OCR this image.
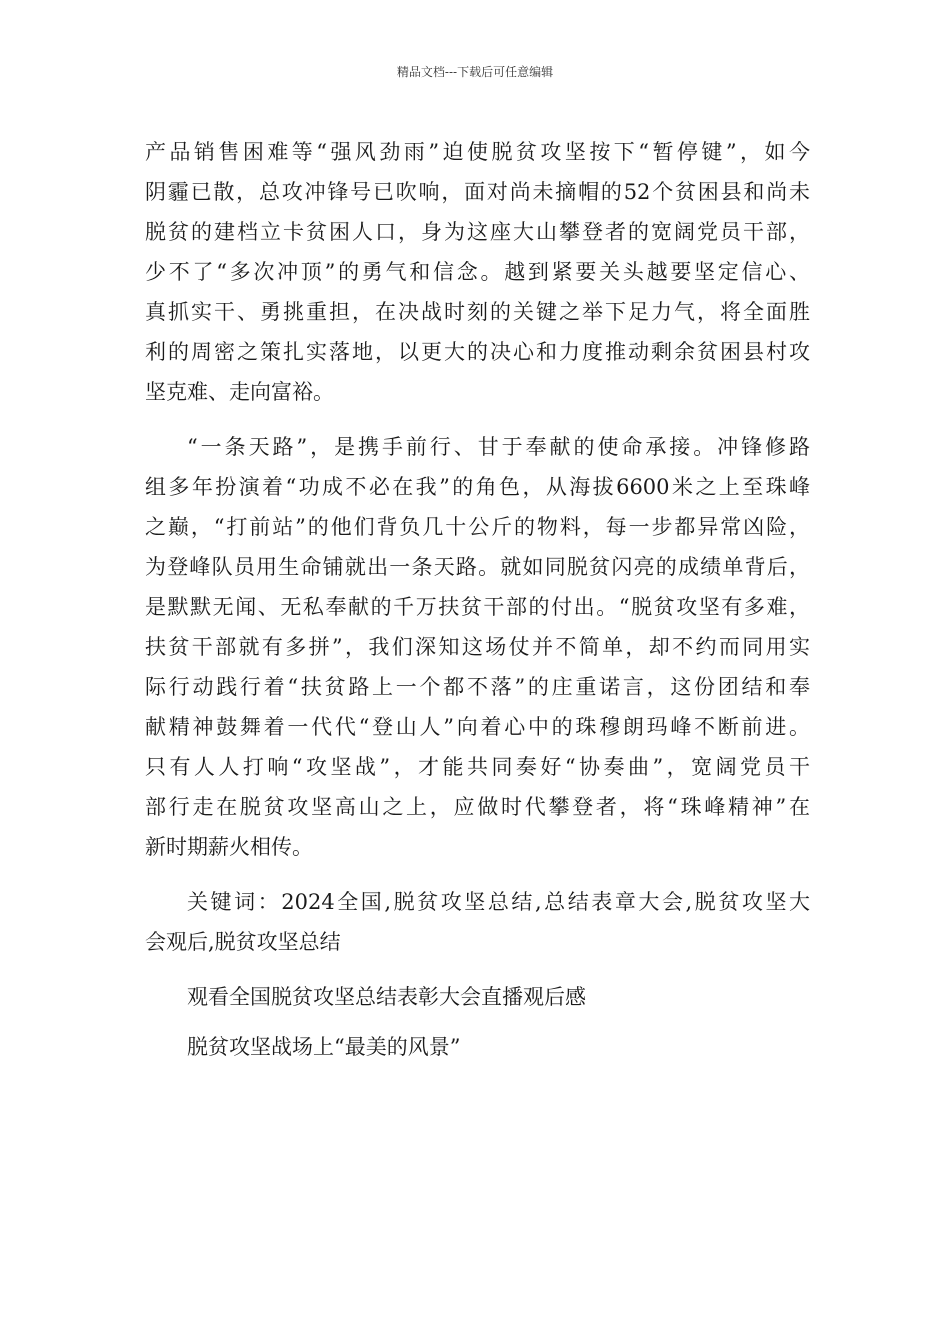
精品文档---下载后可任意编辑
产品销售困难等“强风劲雨”迫使脱贫攻坚按下“暂停键”，如今
阴霾已散，总攻冲锋号已吹响，面对尚未摘帽的52个贫困县和尚未
脱贫的建档立卡贫困人口，身为这座大山攀登者的宽阔党员干部，
少不了“多次冲顶”的勇气和信念。越到紧要关头越要坚定信心、
真抓实干、勇挑重担，在决战时刻的关键之举下足力气，将全面胜
利的周密之策扎实落地，以更大的决心和力度推动剩余贫困县村攻
坚克难、走向富裕。
“一条天路”，是携手前行、甘于奉献的使命承接。冲锋修路
组多年扮演着“功成不必在我”的角色，从海拔6600米之上至珠峰
之巅，“打前站”的他们背负几十公斤的物料，每一步都异常凶险，
为登峰队员用生命铺就出一条天路。就如同脱贫闪亮的成绩单背后，
是默默无闻、无私奉献的千万扶贫干部的付出。“脱贫攻坚有多难，
扶贫干部就有多拼”，我们深知这场仗并不简单，却不约而同用实
际行动践行着“扶贫路上一个都不落”的庄重诺言，这份团结和奉
献精神鼓舞着一代代“登山人”向着心中的珠穆朗玛峰不断前进。
只有人人打响“攻坚战”，才能共同奏好“协奏曲”，宽阔党员干
部行走在脱贫攻坚高山之上，应做时代攀登者，将“珠峰精神”在
新时期薪火相传。
关键词：2024全国,脱贫攻坚总结,总结表章大会,脱贫攻坚大
会观后,脱贫攻坚总结
观看全国脱贫攻坚总结表彰大会直播观后感
脱贫攻坚战场上“最美的风景”
